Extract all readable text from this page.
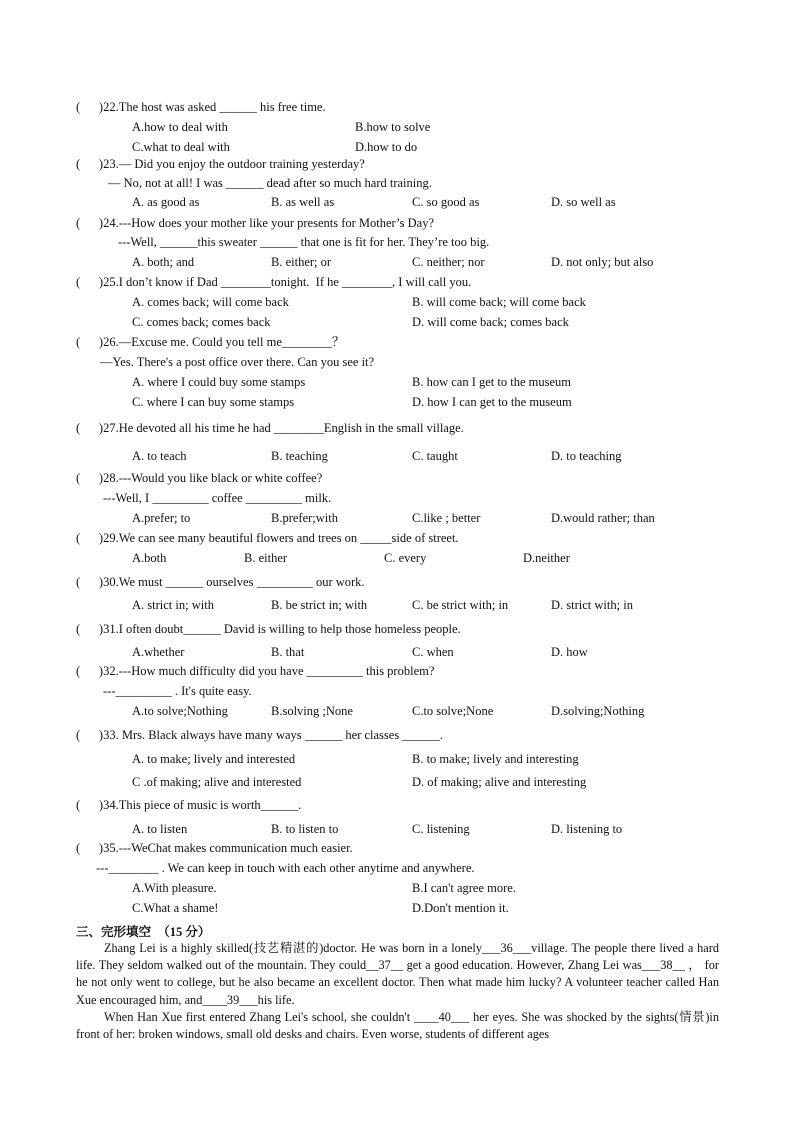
(      )22.The host was asked ______ his free time.
A.how to deal with	B.how to solve
C.what to deal with	D.how to do
(      )23.— Did you enjoy the outdoor training yesterday?
— No, not at all! I was ______ dead after so much hard training.
A. as good as	B. as well as	C. so good as	D. so well as
(      )24.---How does your mother like your presents for Mother’s Day?
---Well, ______this sweater ______ that one is fit for her. They’re too big.
A. both; and	B. either; or	C. neither; nor	D. not only; but also
(      )25.I don’t know if Dad ________tonight.  If he ________, I will call you.
A. comes back; will come back	B. will come back; will come back
C. comes back; comes back	D. will come back; comes back
(      )26.—Excuse me. Could you tell me________？
—Yes. There's a post office over there. Can you see it?
A. where I could buy some stamps	B. how can I get to the museum
C. where I can buy some stamps	D. how I can get to the museum
(      )27.He devoted all his time he had ________English in the small village.
A. to teach	B. teaching	C. taught	D. to teaching
(      )28.---Would you like black or white coffee?
---Well, I _________ coffee _________ milk.
A.prefer; to	B.prefer;with	C.like ; better	D.would rather; than
(      )29.We can see many beautiful flowers and trees on _____side of street.
A.both	B. either	C. every	D.neither
(      )30.We must ______ ourselves _________ our work.
A. strict in; with	B. be strict in; with	C. be strict with; in	D. strict with; in
(      )31.I often doubt______ David is willing to help those homeless people.
A.whether	B. that	C. when	D. how
(      )32.---How much difficulty did you have _________ this problem?
---_________ . It's quite easy.
A.to solve;Nothing	B.solving ;None	C.to solve;None	D.solving;Nothing
(      )33. Mrs. Black always have many ways ______ her classes ______.
A. to make; lively and interested	B. to make; lively and interesting
C .of making; alive and interested	D. of making; alive and interesting
(      )34.This piece of music is worth______.
A. to listen	B. to listen to	C. listening	D. listening to
(      )35.---WeChat makes communication much easier.
---________ . We can keep in touch with each other anytime and anywhere.
A.With pleasure.	B.I can't agree more.
C.What a shame!	D.Don't mention it.
三、完形填空  （15 分）

Zhang Lei is a highly skilled(技艺精湛的)doctor. He was born in a lonely___36___village. The people there lived a hard life. They seldom walked out of the mountain. They could__37__ get a good education. However, Zhang Lei was___38__ ， for he not only went to college, but he also became an excellent doctor. Then what made him lucky? A volunteer teacher called Han Xue encouraged him, and____39___his life.

When Han Xue first entered Zhang Lei's school, she couldn't ____40___ her eyes. She was shocked by the sights(情景)in front of her: broken windows, small old desks and chairs. Even worse, students of different ages
